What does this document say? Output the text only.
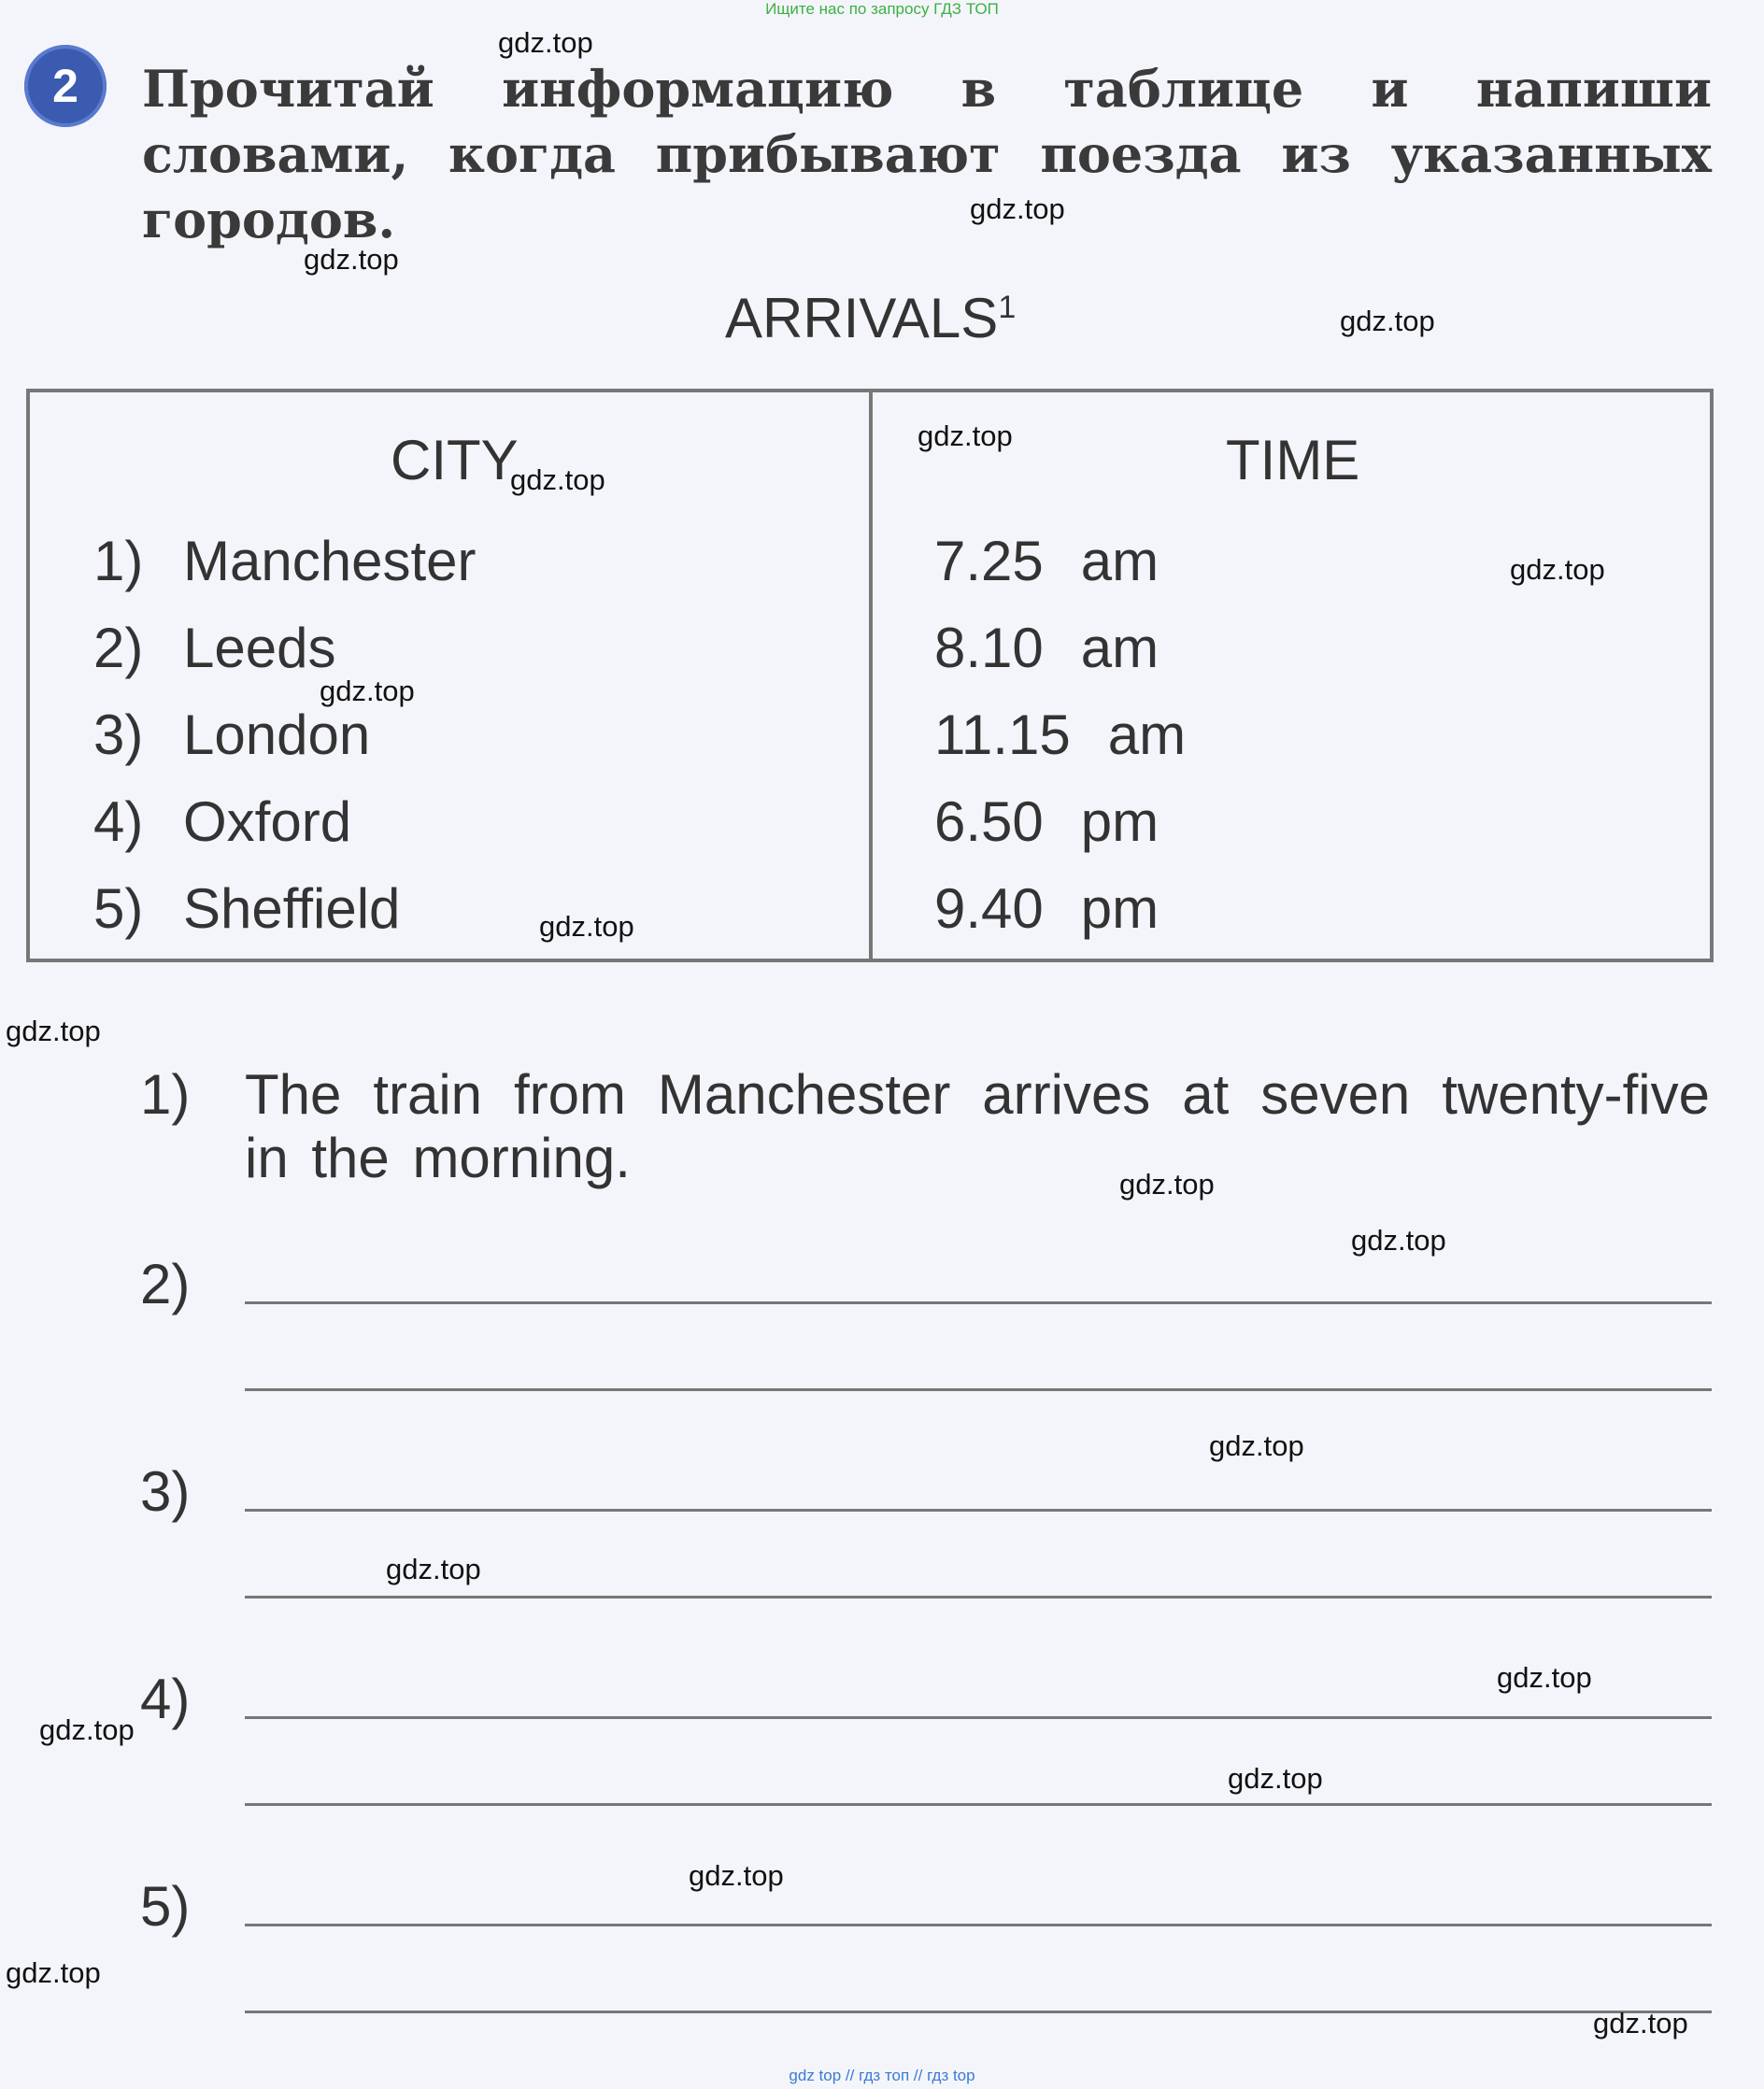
Ищите нас по запросу ГДЗ ТОП
2	Прочитай информацию в таблице и напиши словами, когда прибывают поезда из указанных городов.
ARRIVALS$^1$
CITY	TIME
1) Manchester
2) Leeds
3) London
4) Oxford
5) Sheffield
7.25 am
8.10 am
11.15 am
6.50 pm
9.40 pm
1) The train from Manchester arrives at seven twenty-five in the morning.
2)
3)
4)
5)
gdz.top
gdz.top
gdz.top
gdz.top
gdz.top
gdz.top
gdz.top
gdz.top
gdz.top
gdz.top
gdz.top
gdz.top
gdz.top
gdz.top
gdz.top
gdz.top
gdz.top
gdz.top
gdz.top
gdz.top
gdz top // гдз топ // гдз top
